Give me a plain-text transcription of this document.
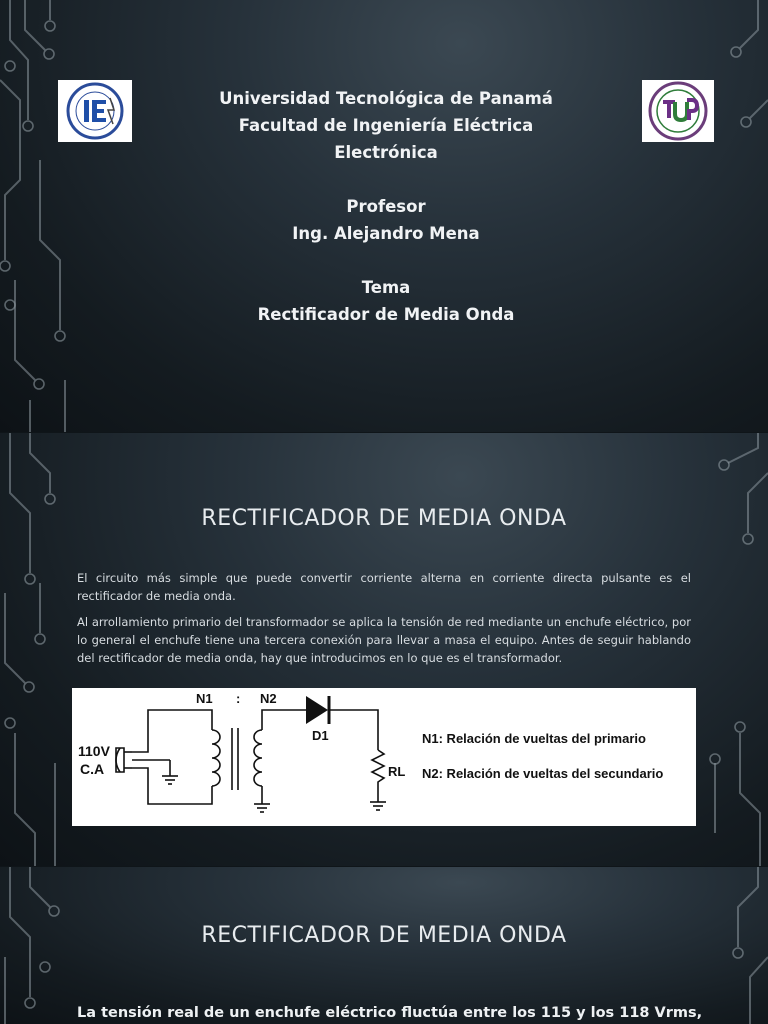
Universidad Tecnológica de Panamá
Facultad de Ingeniería Eléctrica
Electrónica
Profesor
Ing. Alejandro Mena
Tema
Rectificador de Media Onda
RECTIFICADOR DE MEDIA ONDA
El circuito más simple que puede convertir corriente alterna en corriente directa pulsante es el rectificador de media onda.
Al arrollamiento primario del transformador se aplica la tensión de red mediante un enchufe eléctrico, por lo general el enchufe tiene una tercera conexión para llevar a masa el equipo. Antes de seguir hablando del rectificador de media onda, hay que introducimos en lo que es el transformador.
N1 : N2
110V
C.A
D1
RL
N1: Relación de vueltas del primario
N2: Relación de vueltas del secundario
RECTIFICADOR DE MEDIA ONDA
La tensión real de un enchufe eléctrico fluctúa entre los 115 y los 118 Vrms,
